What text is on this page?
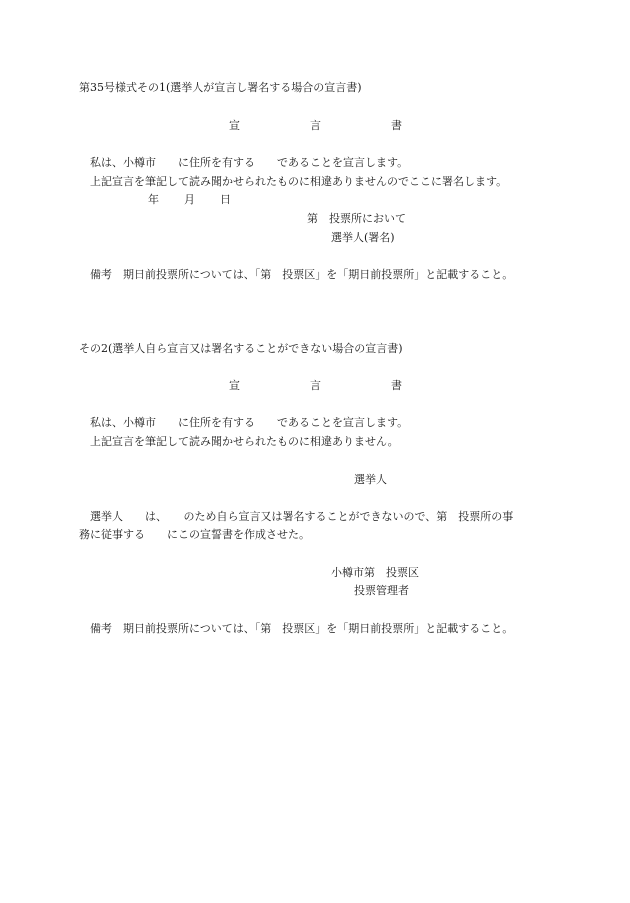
第35号様式その1(選挙人が宣言し署名する場合の宣言書)
宣	言	書
私は、小樽市　　に住所を有する　　であることを宣言します。
上記宣言を筆記して読み聞かせられたものに相違ありませんのでここに署名します。
年 月 日
第　投票所において
選挙人(署名)
備考　期日前投票所については、「第　投票区」を「期日前投票所」と記載すること。
その2(選挙人自ら宣言又は署名することができない場合の宣言書)
宣	言	書
私は、小樽市　　に住所を有する　　であることを宣言します。
上記宣言を筆記して読み聞かせられたものに相違ありません。
選挙人
選挙人　　は、　　のため自ら宣言又は署名することができないので、第　投票所の事
務に従事する　　にこの宣誓書を作成させた。
小樽市第　投票区
投票管理者
備考　期日前投票所については、「第　投票区」を「期日前投票所」と記載すること。
